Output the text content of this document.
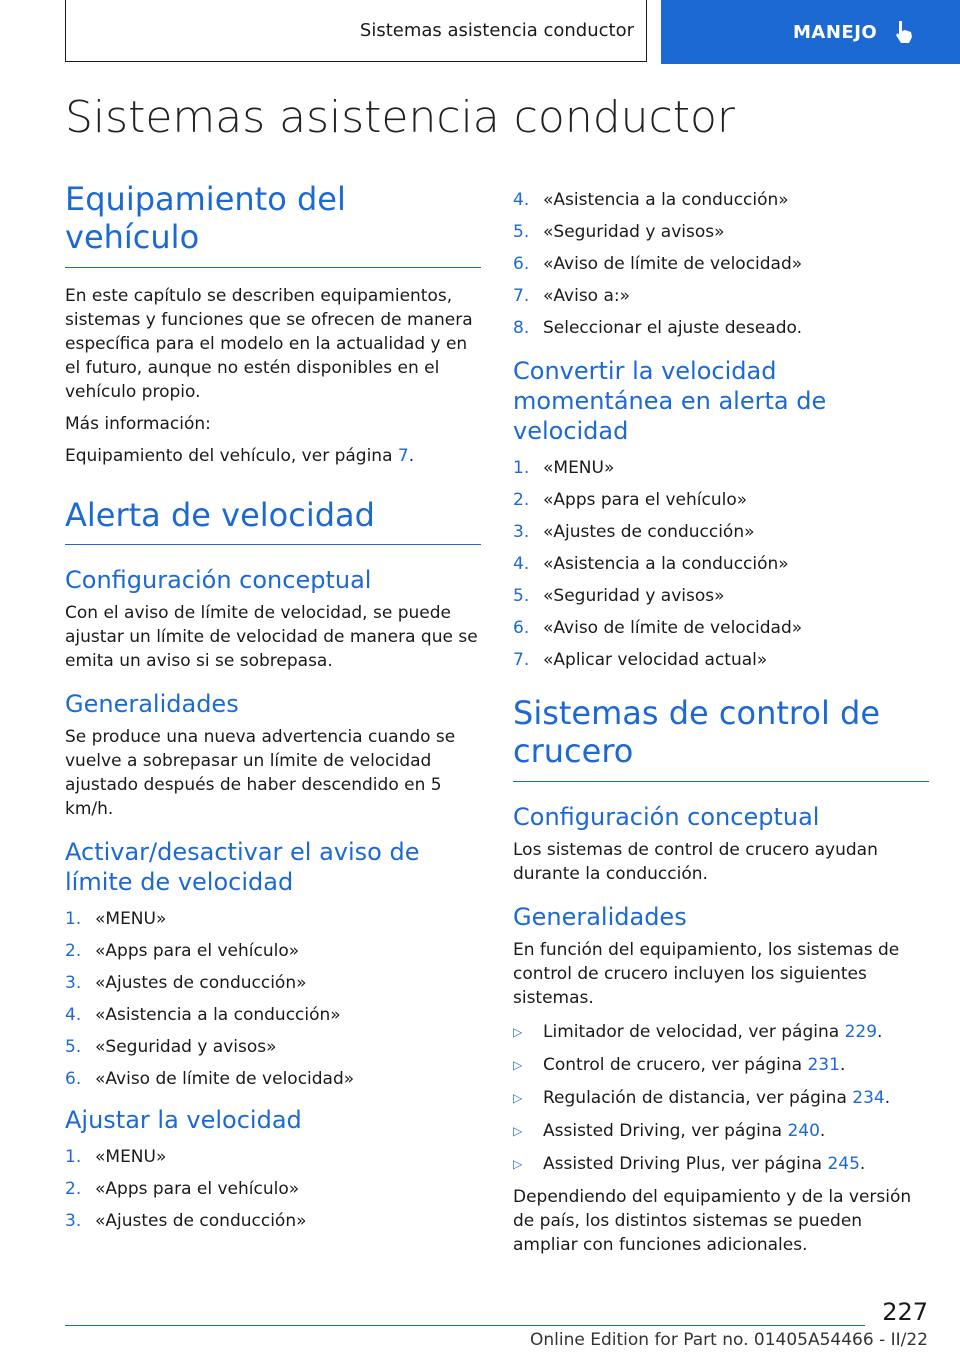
Sistemas asistencia conductor	MANEJO
Sistemas asistencia conductor
Equipamiento del vehículo

En este capítulo se describen equipamientos, sistemas y funciones que se ofrecen de manera específica para el modelo en la actualidad y en el futuro, aunque no estén disponibles en el vehículo propio.

Más información:

Equipamiento del vehículo, ver página 7.

Alerta de velocidad
Configuración conceptual

Con el aviso de límite de velocidad, se puede ajustar un límite de velocidad de manera que se emita un aviso si se sobrepasa.

Generalidades

Se produce una nueva advertencia cuando se vuelve a sobrepasar un límite de velocidad ajustado después de haber descendido en 5 km/h.

Activar/desactivar el aviso de límite de velocidad
1. «MENU»
2. «Apps para el vehículo»
3. «Ajustes de conducción»
4. «Asistencia a la conducción»
5. «Seguridad y avisos»
6. «Aviso de límite de velocidad»
Ajustar la velocidad
1. «MENU»
2. «Apps para el vehículo»
3. «Ajustes de conducción»
4. «Asistencia a la conducción»
5. «Seguridad y avisos»
6. «Aviso de límite de velocidad»
7. «Aviso a:»
8. Seleccionar el ajuste deseado.
Convertir la velocidad momentánea en alerta de velocidad
1. «MENU»
2. «Apps para el vehículo»
3. «Ajustes de conducción»
4. «Asistencia a la conducción»
5. «Seguridad y avisos»
6. «Aviso de límite de velocidad»
7. «Aplicar velocidad actual»
Sistemas de control de crucero
Configuración conceptual

Los sistemas de control de crucero ayudan durante la conducción.

Generalidades

En función del equipamiento, los sistemas de control de crucero incluyen los siguientes sistemas.

▷	Limitador de velocidad, ver página 229.
▷	Control de crucero, ver página 231.
▷	Regulación de distancia, ver página 234.
▷	Assisted Driving, ver página 240.
▷	Assisted Driving Plus, ver página 245.

Dependiendo del equipamiento y de la versión de país, los distintos sistemas se pueden ampliar con funciones adicionales.

227
Online Edition for Part no. 01405A54466 - II/22
